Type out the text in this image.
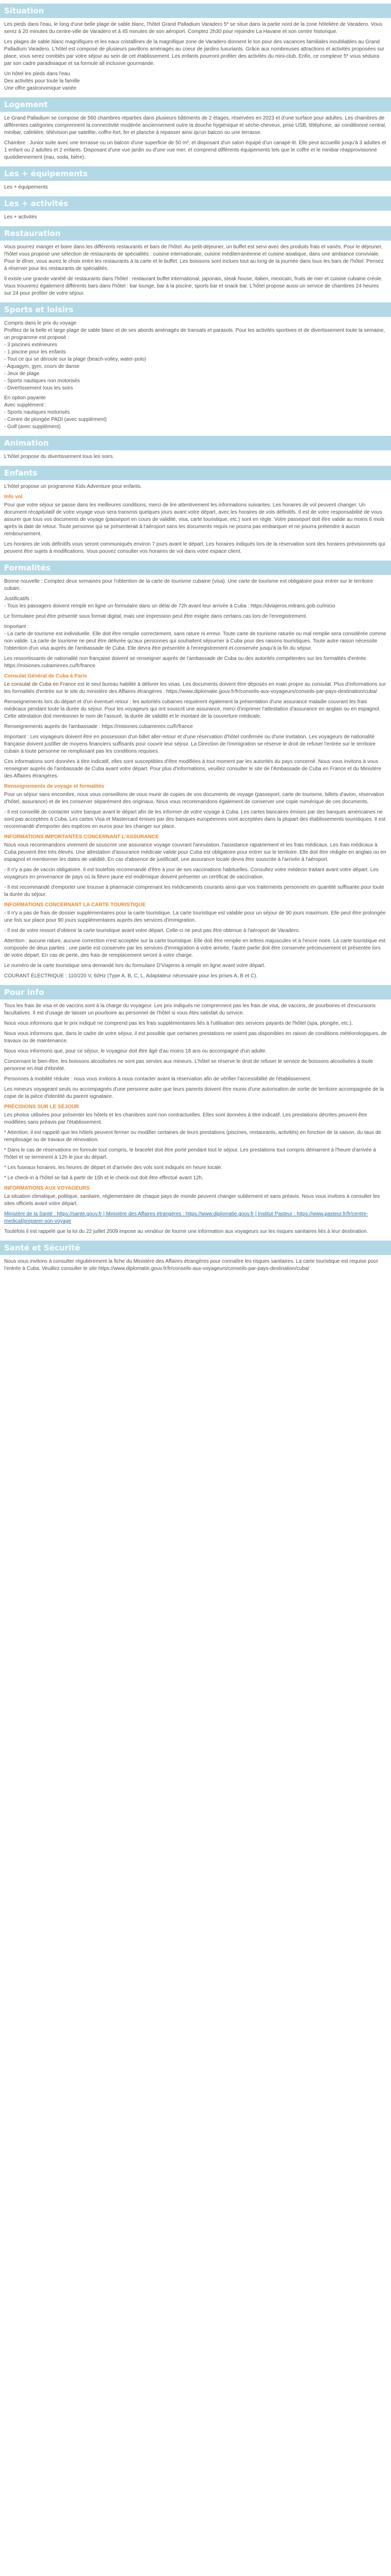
Situation
Les pieds dans l'eau, le long d'une belle plage de sable blanc, l'hôtel Grand Palladium Varadero 5* se situe dans la partie nord de la zone hôtelière de Varadero. Vous serez à 20 minutes du centre-ville de Varadero et à 45 minutes de son aéroport. Comptez 2h30 pour rejoindre La Havane et son centre historique.
Les plages de sable blanc magnifiques et les eaux cristallines de la magnifique zone de Varadero donnent le ton pour des vacances familiales inoubliables au Grand Palladium Varadero. L'hôtel est composé de plusieurs pavillons aménagés au coeur de jardins luxuriants. Grâce aux nombreuses attractions et activités proposées sur place, vous serez comblés par votre séjour au sein de cet établissement. Les enfants pourront profiter des activités du mini-club. Enfin, ce complexe 5* vous séduira par son cadre paradisiaque et sa formule all inclusive gourmande.
Un hôtel les pieds dans l'eau
Des activités pour toute la famille
Une offre gastronomique variée
Logement
Le Grand Palladium se compose de 560 chambres réparties dans plusieurs bâtiments de 2 étages, réservées en 2023 et d'une surface pour adultes. Les chambres de différentes catégories comprennent la connectivité modérée anciennement outre la douche hygiénique et sèche-cheveux, prise USB, téléphone, air conditionné central, minibar, cafetière, télévision par satellite, coffre-fort, fer et planche à repasser ainsi qu'un balcon ou une terrasse.
Chambre : Junior suite avec une terrasse ou un balcon d'une superficie de 50 m², et disposant d'un salon équipé d'un canapé-lit. Elle peut accueillir jusqu'à 3 adultes et 1 enfant ou 2 adultes et 2 enfants. Disposant d'une vue jardin ou d'une vue mer, et comprend différents équipements tels que le coffre et le minibar réapprovisionné quotidiennement (eau, soda, bière).
Les + équipements
Les + équipements
Les + activités
Les + activités
Restauration
Vous pourrez manger et boire dans les différents restaurants et bars de l'hôtel. Au petit-déjeuner, un buffet est servi avec des produits frais et variés. Pour le déjeuner, l'hôtel vous propose une sélection de restaurants de spécialités : cuisine internationale, cuisine méditerranéenne et cuisine asiatique, dans une ambiance conviviale. Pour le dîner, vous aurez le choix entre les restaurants à la carte et le buffet. Les boissons sont inclues tout au long de la journée dans tous les bars de l'hôtel. Pensez à réserver pour les restaurants de spécialités.
Il existe une grande variété de restaurants dans l'hôtel : restaurant buffet international, japonais, steak house, italien, mexicain, fruits de mer et cuisine cubaine créole. Vous trouverez également différents bars dans l'hôtel : bar lounge, bar à la piscine, sports bar et snack bar. L'hôtel propose aussi un service de chambres 24 heures sur 24 pour profiter de votre séjour.
Sports et loisirs
Compris dans le prix du voyage
Profitez de la belle et large plage de sable blanc et de ses abords aménagés de transats et parasols. Pour les activités sportives et de divertissement toute la semaine, un programme est proposé :
- 3 piscines extérieures
- 1 piscine pour les enfants
- Tout ce qui se déroule sur la plage (beach-volley, water-polo)
- Aquagym, gym, cours de danse
- Jeux de plage
- Sports nautiques non motorisés
- Divertissement tous les soirs
En option payante
Avec supplément :
- Sports nautiques motorisés
- Centre de plongée PADI (avec supplément)
- Golf (avec supplément)
Animation
L'hôtel propose du divertissement tous les soirs.
Enfants
L'hôtel propose un programme Kids Adventure pour enfants.
Info vol
Pour que votre séjour se passe dans les meilleures conditions, merci de lire attentivement les informations suivantes. Les horaires de vol peuvent changer. Un document récapitulatif de votre voyage vous sera transmis quelques jours avant votre départ, avec les horaires de vols définitifs. Il est de votre responsabilité de vous assurer que tous vos documents de voyage (passeport en cours de validité, visa, carte touristique, etc.) sont en règle. Votre passeport doit être valide au moins 6 mois après la date de retour. Toute personne qui se présenterait à l'aéroport sans les documents requis ne pourra pas embarquer et ne pourra prétendre à aucun remboursement.
Les horaires de vols définitifs vous seront communiqués environ 7 jours avant le départ. Les horaires indiqués lors de la réservation sont des horaires prévisionnels qui peuvent être sujets à modifications. Vous pouvez consulter vos horaires de vol dans votre espace client.
Formalités
Bonne nouvelle : Comptez deux semaines pour l'obtention de la carte de tourisme cubaine (visa). Une carte de tourisme est obligatoire pour entrer sur le territoire cubain.
Justificatifs :
- Tous les passagers doivent remplir en ligne un formulaire dans un délai de 72h avant leur arrivée à Cuba : https://dviajeros.mitrans.gob.cu/inicio
Le formulaire peut être présenté sous format digital, mais une impression peut être exigée dans certains cas lors de l'enregistrement.
Important :
- La carte de tourisme est individuelle. Elle doit être remplie correctement, sans rature ni erreur. Toute carte de tourisme raturée ou mal remplie sera considérée comme non valide. La carte de tourisme ne peut être délivrée qu'aux personnes qui souhaitent séjourner à Cuba pour des raisons touristiques. Toute autre raison nécessite l'obtention d'un visa auprès de l'ambassade de Cuba. Elle devra être présentée à l'enregistrement et conservée jusqu'à la fin du séjour.
Les ressortissants de nationalité non française doivent se renseigner auprès de l'ambassade de Cuba ou des autorités compétentes sur les formalités d'entrée. https://misiones.cubaminrex.cu/fr/france
Consulat Général de Cuba à Paris
Le consulat de Cuba en France est le seul bureau habilité à délivrer les visas. Les documents doivent être déposés en main propre au consulat. Plus d'informations sur les formalités d'entrée sur le site du ministère des Affaires étrangères : https://www.diplomatie.gouv.fr/fr/conseils-aux-voyageurs/conseils-par-pays-destination/cuba/
Renseignements lors du départ et d'un éventuel retour : les autorités cubaines requièrent également la présentation d'une assurance maladie couvrant les frais médicaux pendant toute la durée du séjour. Pour les voyageurs qui ont souscrit une assurance, merci d'imprimer l'attestation d'assurance en anglais ou en espagnol. Cette attestation doit mentionner le nom de l'assuré, la durée de validité et le montant de la couverture médicale.
Renseignements auprès de l'ambassade : https://misiones.cubaminrex.cu/fr/france
Important : Les voyageurs doivent être en possession d'un billet aller-retour et d'une réservation d'hôtel confirmée ou d'une invitation. Les voyageurs de nationalité française doivent justifier de moyens financiers suffisants pour couvrir leur séjour. La Direction de l'immigration se réserve le droit de refuser l'entrée sur le territoire cubain à toute personne ne remplissant pas les conditions requises.
Ces informations sont données à titre indicatif, elles sont susceptibles d'être modifiées à tout moment par les autorités du pays concerné. Nous vous invitons à vous renseigner auprès de l'ambassade de Cuba avant votre départ. Pour plus d'informations, veuillez consulter le site de l'Ambassade de Cuba en France et du Ministère des Affaires étrangères.
Renseignements de voyage et formalités
Pour un séjour sans encombre, nous vous conseillons de vous munir de copies de vos documents de voyage (passeport, carte de tourisme, billets d'avion, réservation d'hôtel, assurance) et de les conserver séparément des originaux. Nous vous recommandons également de conserver une copie numérique de ces documents.
- Il est conseillé de contacter votre banque avant le départ afin de les informer de votre voyage à Cuba. Les cartes bancaires émises par des banques américaines ne sont pas acceptées à Cuba. Les cartes Visa et Mastercard émises par des banques européennes sont acceptées dans la plupart des établissements touristiques. Il est recommandé d'emporter des espèces en euros pour les changer sur place.
INFORMATIONS IMPORTANTES CONCERNANT L'ASSURANCE
Nous vous recommandons vivement de souscrire une assurance voyage couvrant l'annulation, l'assistance rapatriement et les frais médicaux. Les frais médicaux à Cuba peuvent être très élevés. Une attestation d'assurance médicale valide pour Cuba est obligatoire pour entrer sur le territoire. Elle doit être rédigée en anglais ou en espagnol et mentionner les dates de validité. En cas d'absence de justificatif, une assurance locale devra être souscrite à l'arrivée à l'aéroport.
- Il n'y a pas de vaccin obligatoire. Il est toutefois recommandé d'être à jour de ses vaccinations habituelles. Consultez votre médecin traitant avant votre départ. Les voyageurs en provenance de pays où la fièvre jaune est endémique doivent présenter un certificat de vaccination.
- Il est recommandé d'emporter une trousse à pharmacie comprenant les médicaments courants ainsi que vos traitements personnels en quantité suffisante pour toute la durée du séjour.
INFORMATIONS CONCERNANT LA CARTE TOURISTIQUE
- Il n'y a pas de frais de dossier supplémentaires pour la carte touristique. La carte touristique est valable pour un séjour de 90 jours maximum. Elle peut être prolongée une fois sur place pour 90 jours supplémentaires auprès des services d'immigration.
- Il est de votre ressort d'obtenir la carte touristique avant votre départ. Celle-ci ne peut pas être obtenue à l'aéroport de Varadero.
Attention : aucune rature, aucune correction n'est acceptée sur la carte touristique. Elle doit être remplie en lettres majuscules et à l'encre noire. La carte touristique est composée de deux parties : une partie est conservée par les services d'immigration à votre arrivée, l'autre partie doit être conservée précieusement et présentée lors de votre départ. En cas de perte, des frais de remplacement seront à votre charge.
Le numéro de la carte touristique sera demandé lors du formulaire D'Viajeros à remplir en ligne avant votre départ.
COURANT ÉLECTRIQUE : 110/220 V, 60Hz (Type A, B, C, L, Adaptateur nécessaire pour les prises A, B et C).
Pour info
Tous les frais de visa et de vaccins sont à la charge du voyageur. Les prix indiqués ne comprennent pas les frais de visa, de vaccins, de pourboires et d'excursions facultatives. Il est d'usage de laisser un pourboire au personnel de l'hôtel si vous êtes satisfait du service.
Nous vous informons que le prix indiqué ne comprend pas les frais supplémentaires liés à l'utilisation des services payants de l'hôtel (spa, plongée, etc.).
Nous vous informons que, dans le cadre de votre séjour, il est possible que certaines prestations ne soient pas disponibles en raison de conditions météorologiques, de travaux ou de maintenance.
Nous vous informons que, pour ce séjour, le voyageur doit être âgé d'au moins 18 ans ou accompagné d'un adulte.
Concernant le bien-être, les boissons alcoolisées ne sont pas servies aux mineurs. L'hôtel se réserve le droit de refuser le service de boissons alcoolisées à toute personne en état d'ébriété.
Personnes à mobilité réduite : nous vous invitons à nous contacter avant la réservation afin de vérifier l'accessibilité de l'établissement.
Les mineurs voyageant seuls ou accompagnés d'une personne autre que leurs parents doivent être munis d'une autorisation de sortie de territoire accompagnée de la copie de la pièce d'identité du parent signataire.
PRÉCISIONS SUR LE SÉJOUR
Les photos utilisées pour présenter les hôtels et les chambres sont non contractuelles. Elles sont données à titre indicatif. Les prestations décrites peuvent être modifiées sans préavis par l'établissement.
* Attention, il est rappelé que les hôtels peuvent fermer ou modifier certaines de leurs prestations (piscines, restaurants, activités) en fonction de la saison, du taux de remplissage ou de travaux de rénovation.
* Dans le cas de réservations en formule tout compris, le bracelet doit être porté pendant tout le séjour. Les prestations tout compris démarrent à l'heure d'arrivée à l'hôtel et se terminent à 12h le jour du départ.
* Les fuseaux horaires, les heures de départ et d'arrivée des vols sont indiqués en heure locale.
* Le check-in à l'hôtel se fait à partir de 15h et le check-out doit être effectué avant 12h.
INFORMATIONS AUX VOYAGEURS
La situation climatique, politique, sanitaire, réglementaire de chaque pays de monde peuvent changer subitement et sans préavis. Nous vous invitons à consulter les sites officiels avant votre départ.
Ministère de la Santé : https://sante.gouv.fr | Ministère des Affaires étrangères : https://www.diplomatie.gouv.fr | Institut Pasteur : https://www.pasteur.fr/fr/centre-medical/preparer-son-voyage
Toutefois il est rappelé que la loi du 22 juillet 2009 impose au vendeur de fournir une information aux voyageurs sur les risques sanitaires liés à leur destination.
Santé et Sécurité
Nous vous invitons à consulter régulièrement la fiche du Ministère des Affaires étrangères pour connaître les risques sanitaires. La carte touristique est requise pour l'entrée à Cuba. Veuillez consulter le site https://www.diplomatie.gouv.fr/fr/conseils-aux-voyageurs/conseils-par-pays-destination/cuba/
